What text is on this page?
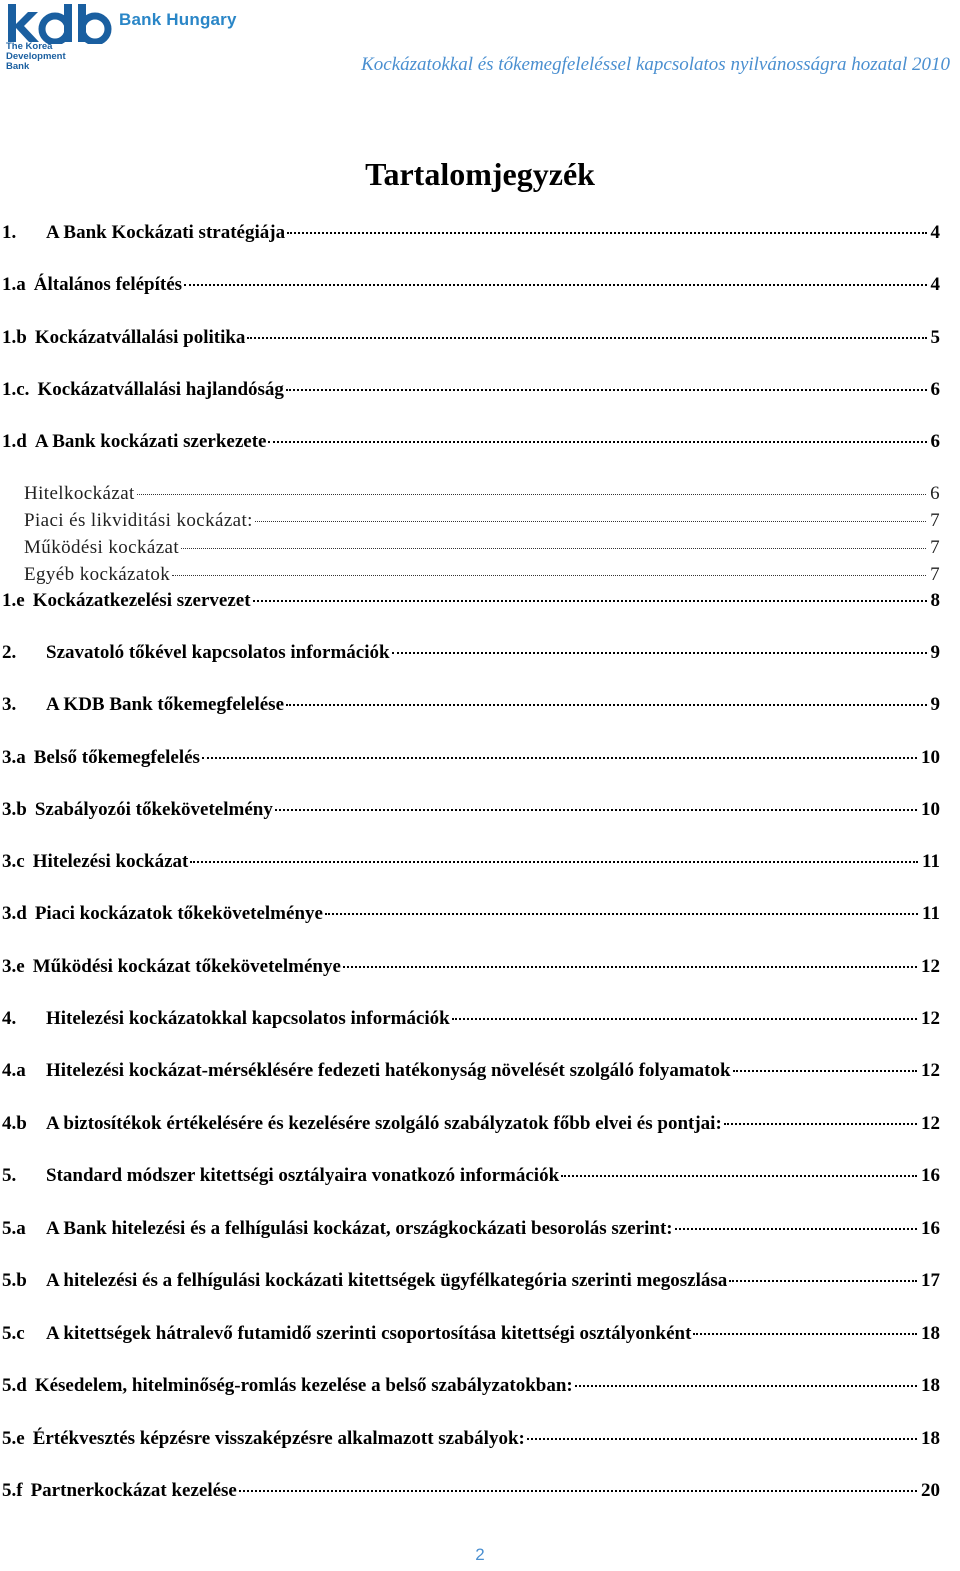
Bank Hungary
The Korea
Development
Bank	Kockázatokkal és tőkemegfeleléssel kapcsolatos nyilvánosságra hozatal 2010
Tartalomjegyzék
1.	A Bank Kockázati stratégiája	4
1.a Általános felépítés	4
1.b Kockázatvállalási politika	5
1.c. Kockázatvállalási hajlandóság	6
1.d A Bank kockázati szerkezete	6
Hitelkockázat	6
Piaci és likviditási kockázat:	7
Működési kockázat	7
Egyéb kockázatok	7
1.e Kockázatkezelési szervezet	8
2.	Szavatoló tőkével kapcsolatos információk	9
3.	A KDB Bank tőkemegfelelése	9
3.a Belső tőkemegfelelés	10
3.b Szabályozói tőkekövetelmény	10
3.c Hitelezési kockázat	11
3.d Piaci kockázatok tőkekövetelménye	11
3.e Működési kockázat tőkekövetelménye	12
4.	Hitelezési kockázatokkal kapcsolatos információk	12
4.a	Hitelezési kockázat-mérséklésére fedezeti hatékonyság növelését szolgáló folyamatok	12
4.b	A biztosítékok értékelésére és kezelésére szolgáló szabályzatok főbb elvei és pontjai:	12
5.	Standard módszer kitettségi osztályaira vonatkozó információk	16
5.a	A Bank hitelezési és a felhígulási kockázat, országkockázati besorolás szerint:	16
5.b	A hitelezési és a felhígulási kockázati kitettségek ügyfélkategória szerinti megoszlása	17
5.c	A kitettségek hátralevő futamidő szerinti csoportosítása kitettségi osztályonként	18
5.d Késedelem, hitelminőség-romlás kezelése a belső szabályzatokban:	18
5.e Értékvesztés képzésre visszaképzésre alkalmazott szabályok:	18
5.f Partnerkockázat kezelése	20
2
